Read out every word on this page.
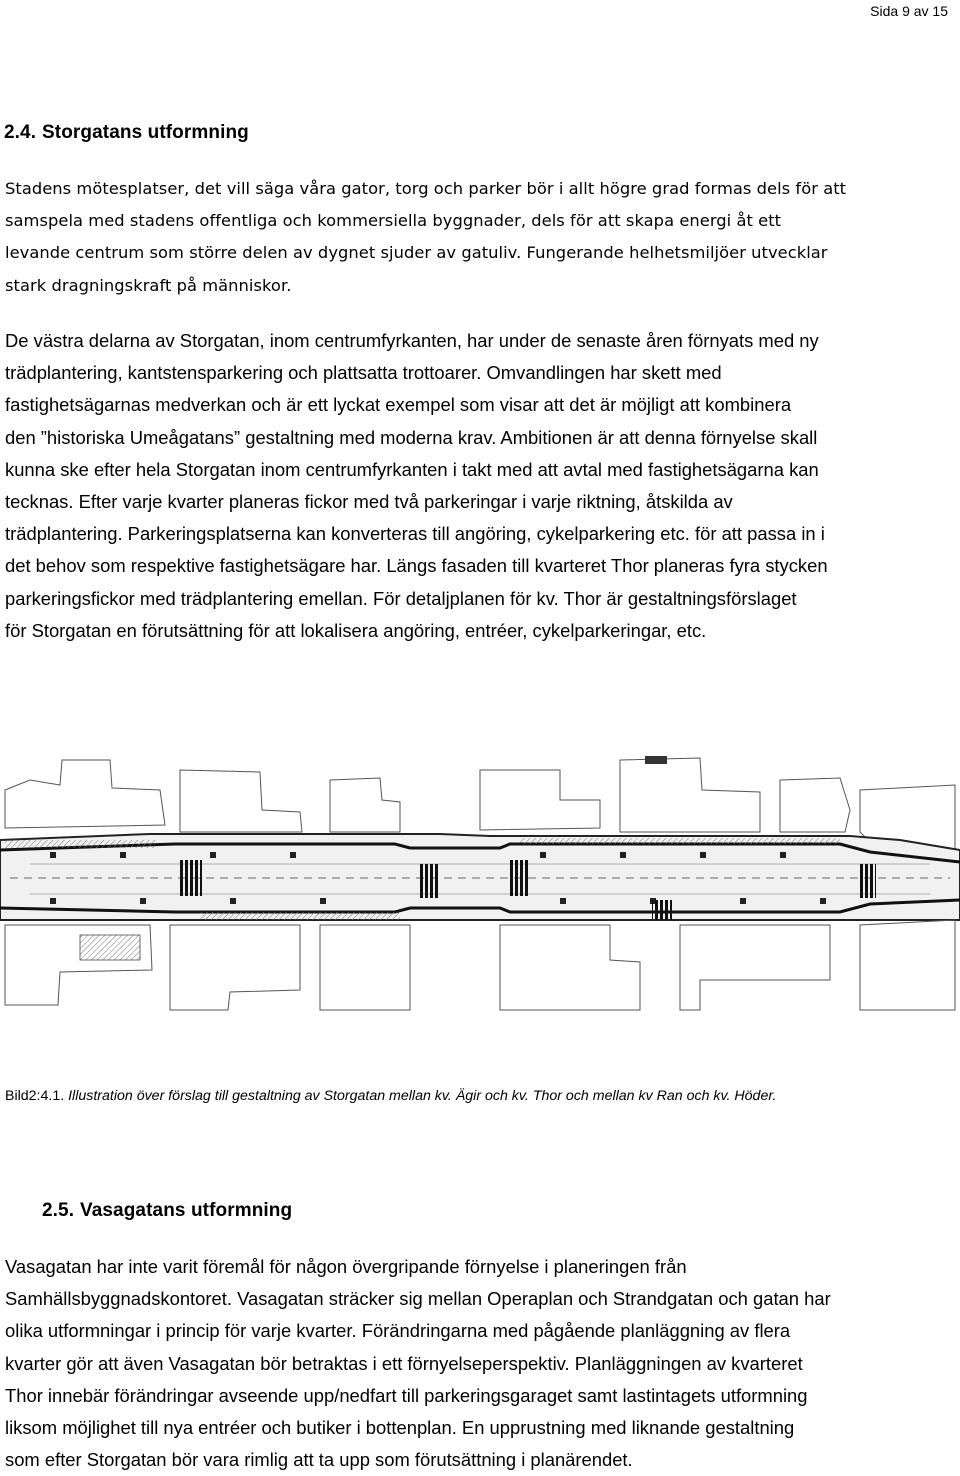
Sida 9 av 15
2.4. Storgatans utformning
Stadens mötesplatser, det vill säga våra gator, torg och parker bör i allt högre grad formas dels för att
samspela med stadens offentliga och kommersiella byggnader, dels för att skapa energi åt ett
levande centrum som större delen av dygnet sjuder av gatuliv. Fungerande helhetsmiljöer utvecklar
stark dragningskraft på människor.
De västra delarna av Storgatan, inom centrumfyrkanten, har under de senaste åren förnyats med ny
trädplantering, kantstensparkering och plattsatta trottoarer. Omvandlingen har skett med
fastighetsägarnas medverkan och är ett lyckat exempel som visar att det är möjligt att kombinera
den ”historiska Umeågatans” gestaltning med moderna krav. Ambitionen är att denna förnyelse skall
kunna ske efter hela Storgatan inom centrumfyrkanten i takt med att avtal med fastighetsägarna kan
tecknas. Efter varje kvarter planeras fickor med två parkeringar i varje riktning, åtskilda av
trädplantering. Parkeringsplatserna kan konverteras till angöring, cykelparkering etc. för att passa in i
det behov som respektive fastighetsägare har. Längs fasaden till kvarteret Thor planeras fyra stycken
parkeringsfickor med trädplantering emellan. För detaljplanen för kv. Thor är gestaltningsförslaget
för Storgatan en förutsättning för att lokalisera angöring, entréer, cykelparkeringar, etc.
Bild2:4.1. Illustration över förslag till gestaltning av Storgatan mellan kv. Ägir och kv. Thor och mellan kv Ran och kv. Höder.
2.5. Vasagatans utformning
Vasagatan har inte varit föremål för någon övergripande förnyelse i planeringen från
Samhällsbyggnadskontoret. Vasagatan sträcker sig mellan Operaplan och Strandgatan och gatan har
olika utformningar i princip för varje kvarter. Förändringarna med pågående planläggning av flera
kvarter gör att även Vasagatan bör betraktas i ett förnyelseperspektiv. Planläggningen av kvarteret
Thor innebär förändringar avseende upp/nedfart till parkeringsgaraget samt lastintagets utformning
liksom möjlighet till nya entréer och butiker i bottenplan. En upprustning med liknande gestaltning
som efter Storgatan bör vara rimlig att ta upp som förutsättning i planärendet.
